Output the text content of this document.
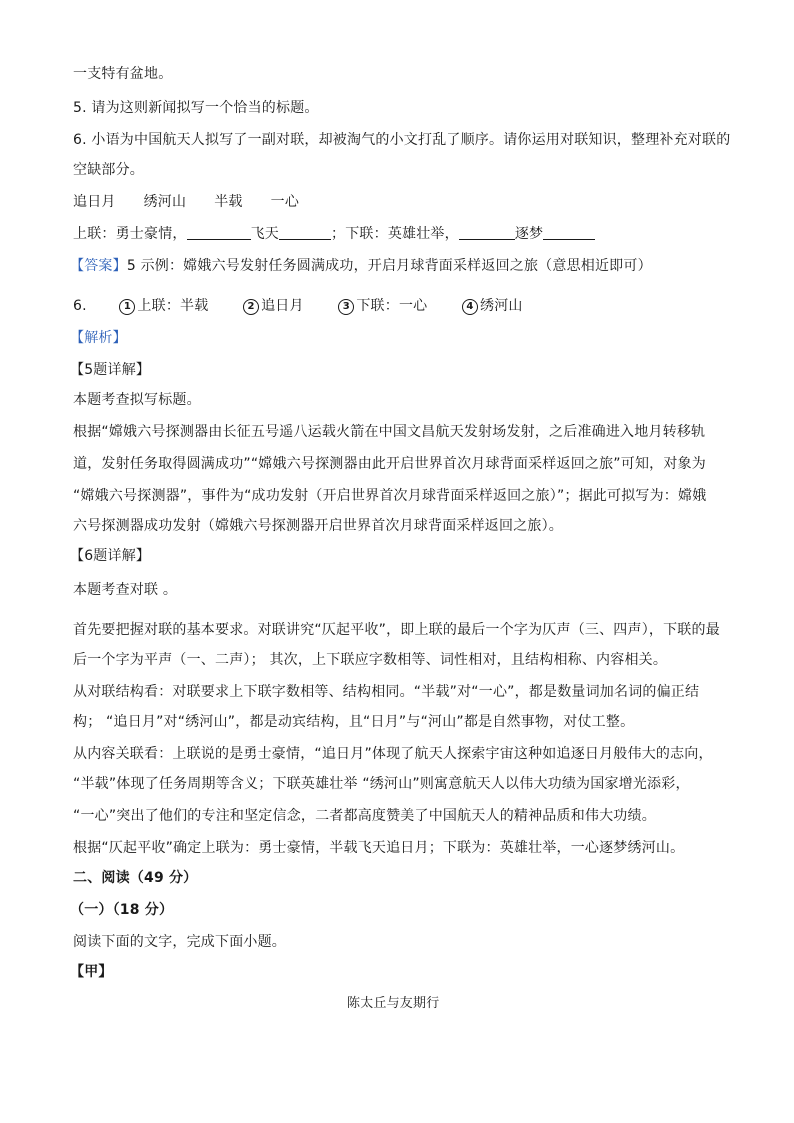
一支特有盆地。
5. 请为这则新闻拟写一个恰当的标题。
6. 小语为中国航天人拟写了一副对联，却被淘气的小文打乱了顺序。请你运用对联知识，整理补充对联的
空缺部分。
追日月 绣河山 半载 一心
上联：勇士豪情，	飞天	；下联：英雄壮举，	逐梦
【答案】5 示例：嫦娥六号发射任务圆满成功，开启月球背面采样返回之旅（意思相近即可）
6.	1 上联：半载	2 追日月	3 下联：一心	4 绣河山
【解析】
【5题详解】
本题考查拟写标题。
根据“嫦娥六号探测器由长征五号遥八运载火箭在中国文昌航天发射场发射，之后准确进入地月转移轨
道，发射任务取得圆满成功”“嫦娥六号探测器由此开启世界首次月球背面采样返回之旅”可知，对象为
“嫦娥六号探测器”，事件为“成功发射（开启世界首次月球背面采样返回之旅）”；据此可拟写为：嫦娥
六号探测器成功发射（嫦娥六号探测器开启世界首次月球背面采样返回之旅）。
【6题详解】
本题考查对联 。
首先要把握对联的基本要求。对联讲究“仄起平收”，即上联的最后一个字为仄声（三、四声），下联的最
后一个字为平声（一、二声）； 其次，上下联应字数相等、词性相对，且结构相称、内容相关。
从对联结构看：对联要求上下联字数相等、结构相同。“半载”对“一心”，都是数量词加名词的偏正结
构； “追日月”对“绣河山”，都是动宾结构，且“日月”与“河山”都是自然事物，对仗工整。
从内容关联看：上联说的是勇士豪情，“追日月”体现了航天人探索宇宙这种如追逐日月般伟大的志向，
“半载”体现了任务周期等含义；下联英雄壮举 “绣河山”则寓意航天人以伟大功绩为国家增光添彩，
“一心”突出了他们的专注和坚定信念，二者都高度赞美了中国航天人的精神品质和伟大功绩。
根据“仄起平收”确定上联为：勇士豪情，半载飞天追日月；下联为：英雄壮举，一心逐梦绣河山。
二、阅读（49 分）
（一）（18 分）
阅读下面的文字，完成下面小题。
【甲】
陈太丘与友期行
